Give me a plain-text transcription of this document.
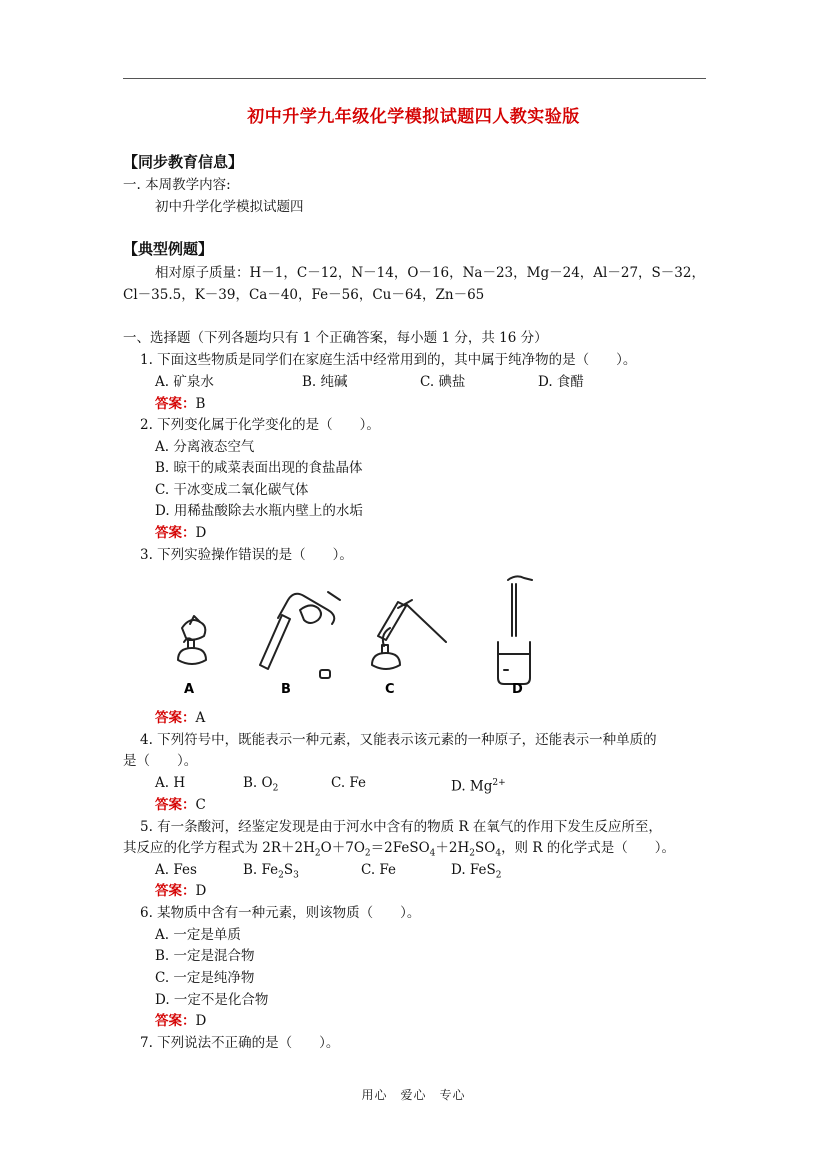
初中升学九年级化学模拟试题四人教实验版
【同步教育信息】
一. 本周教学内容:
初中升学化学模拟试题四
【典型例题】
相对原子质量：H－1，C－12，N－14，O－16，Na－23，Mg－24，Al－27，S－32，
Cl－35.5，K－39，Ca－40，Fe－56，Cu－64，Zn－65
一、选择题（下列各题均只有 1 个正确答案，每小题 1 分，共 16 分）
1. 下面这些物质是同学们在家庭生活中经常用到的，其中属于纯净物的是（　　）。
A. 矿泉水	B. 纯碱	C. 碘盐	D. 食醋
答案：B
2. 下列变化属于化学变化的是（　　）。
A. 分离液态空气
B. 晾干的咸菜表面出现的食盐晶体
C. 干冰变成二氧化碳气体
D. 用稀盐酸除去水瓶内壁上的水垢
答案：D
3. 下列实验操作错误的是（　　）。
A	B	C	D
答案：A
4. 下列符号中，既能表示一种元素，又能表示该元素的一种原子，还能表示一种单质的
是（　　）。
A. H	B. $O_2$	C. Fe	D. $Mg^{2+}$
答案：C
5. 有一条酸河，经鉴定发现是由于河水中含有的物质 R 在氧气的作用下发生反应所至，
其反应的化学方程式为 $2R+2H_2O+7O_2=2FeSO_4+2H_2SO_4$，则 R 的化学式是（　　）。
A. Fes	B. $Fe_2S_3$	C. Fe	D. FeS$_2$
答案：D
6. 某物质中含有一种元素，则该物质（　　）。
A. 一定是单质
B. 一定是混合物
C. 一定是纯净物
D. 一定不是化合物
答案：D
7. 下列说法不正确的是（　　）。
用心　爱心　专心
